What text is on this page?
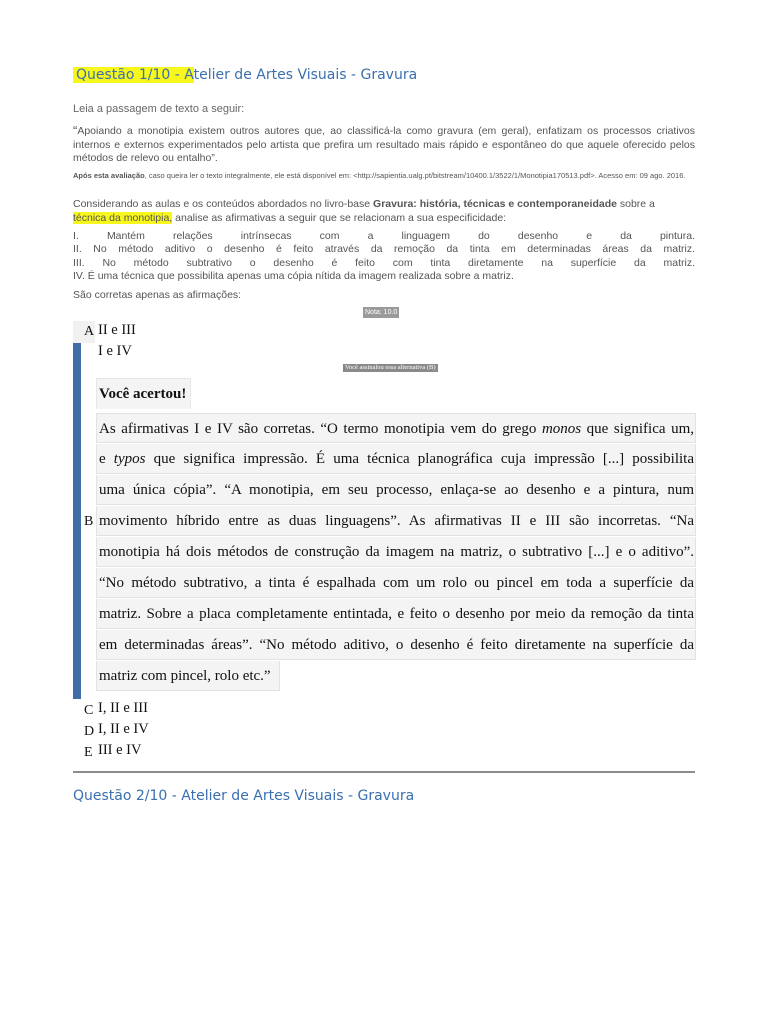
Questão 1/10 - Atelier de Artes Visuais - Gravura
Leia a passagem de texto a seguir:
“Apoiando a monotipia existem outros autores que, ao classificá-la como gravura (em geral), enfatizam os processos criativos internos e externos experimentados pelo artista que prefira um resultado mais rápido e espontâneo do que aquele oferecido pelos métodos de relevo ou entalho”.
Após esta avaliação, caso queira ler o texto integralmente, ele está disponível em: <http://sapientia.ualg.pt/bitstream/10400.1/3522/1/Monotipia170513.pdf>. Acesso em: 09 ago. 2016.
Considerando as aulas e os conteúdos abordados no livro-base Gravura: história, técnicas e contemporaneidade sobre a
técnica da monotipia, analise as afirmativas a seguir que se relacionam a sua especificidade:
I. Mantém relações intrínsecas com a linguagem do desenho e da pintura.
II. No método aditivo o desenho é feito através da remoção da tinta em determinadas áreas da matriz.
III. No método subtrativo o desenho é feito com tinta diretamente na superfície da matriz.
IV. É uma técnica que possibilita apenas uma cópia nítida da imagem realizada sobre a matriz.
São corretas apenas as afirmações:
Nota: 10.0
A II e III
I e IV
Você assinalou essa alternativa (B)
Você acertou!
B
As afirmativas I e IV são corretas. “O termo monotipia vem do grego monos que significa um,
e typos que significa impressão. É uma técnica planográfica cuja impressão [...] possibilita
uma única cópia”. “A monotipia, em seu processo, enlaça-se ao desenho e a pintura, num
movimento híbrido entre as duas linguagens”. As afirmativas II e III são incorretas. “Na
monotipia há dois métodos de construção da imagem na matriz, o subtrativo [...] e o aditivo”.
“No método subtrativo, a tinta é espalhada com um rolo ou pincel em toda a superfície da
matriz. Sobre a placa completamente entintada, e feito o desenho por meio da remoção da tinta
em determinadas áreas”. “No método aditivo, o desenho é feito diretamente na superfície da
matriz com pincel, rolo etc.”
C I, II e III
D I, II e IV
E III e IV
Questão 2/10 - Atelier de Artes Visuais - Gravura
